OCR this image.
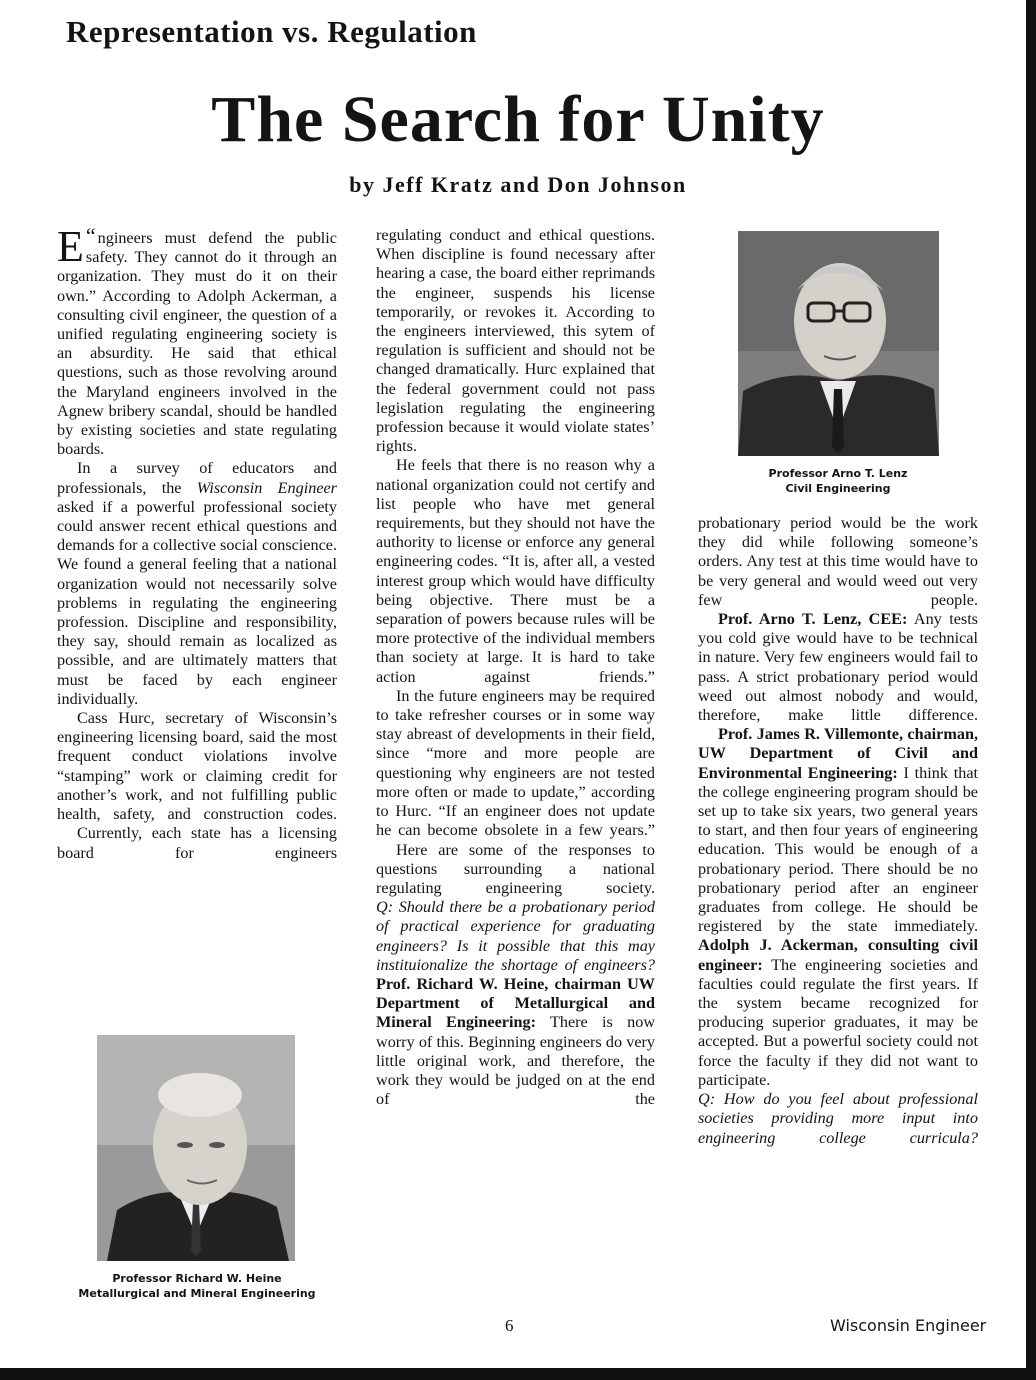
Representation vs. Regulation
The Search for Unity
by Jeff Kratz and Don Johnson

“
E ngineers must defend the public safety. They cannot do it through an organization. They must do it on their own.” According to Adolph Ackerman, a consulting civil engineer, the question of a unified regulating engineering society is an absurdity. He said that ethical questions, such as those revolving around the Maryland engineers involved in the Agnew bribery scandal, should be handled by existing societies and state regulating boards.

In a survey of educators and professionals, the Wisconsin Engineer asked if a powerful professional society could answer recent ethical questions and demands for a collective social conscience. We found a general feeling that a national organization would not necessarily solve problems in regulating the engineering profession. Discipline and responsibility, they say, should remain as localized as possible, and are ultimately matters that must be faced by each engineer individually.

Cass Hurc, secretary of Wisconsin’s engineering licensing board, said the most frequent conduct violations involve “stamping” work or claiming credit for another’s work, and not fulfilling public health, safety, and construction codes.

Currently, each state has a licensing board for engineers

Professor Richard W. Heine
Metallurgical and Mineral Engineering

regulating conduct and ethical questions. When discipline is found necessary after hearing a case, the board either reprimands the engineer, suspends his license temporarily, or revokes it. According to the engineers interviewed, this sytem of regulation is sufficient and should not be changed dramatically. Hurc explained that the federal government could not pass legislation regulating the engineering profession because it would violate states’ rights.

He feels that there is no reason why a national organization could not certify and list people who have met general requirements, but they should not have the authority to license or enforce any general engineering codes. “It is, after all, a vested interest group which would have difficulty being objective. There must be a separation of powers because rules will be more protective of the individual members than society at large. It is hard to take action against friends.”

In the future engineers may be required to take refresher courses or in some way stay abreast of developments in their field, since “more and more people are questioning why engineers are not tested more often or made to update,” according to Hurc. “If an engineer does not update he can become obsolete in a few years.”

Here are some of the responses to questions surrounding a national regulating engineering society.

Q: Should there be a probationary period of practical experience for graduating engineers? Is it possible that this may instituionalize the shortage of engineers?

Prof. Richard W. Heine, chairman UW Department of Metallurgical and Mineral Engineering: There is now worry of this. Beginning engineers do very little original work, and therefore, the work they would be judged on at the end of the

Professor Arno T. Lenz
Civil Engineering

probationary period would be the work they did while following someone’s orders. Any test at this time would have to be very general and would weed out very few people.

Prof. Arno T. Lenz, CEE: Any tests you cold give would have to be technical in nature. Very few engineers would fail to pass. A strict probationary period would weed out almost nobody and would, therefore, make little difference.

Prof. James R. Villemonte, chairman, UW Department of Civil and Environmental Engineering: I think that the college engineering program should be set up to take six years, two general years to start, and then four years of engineering education. This would be enough of a probationary period. There should be no probationary period after an engineer graduates from college. He should be registered by the state immediately.

Adolph J. Ackerman, consulting civil engineer: The engineering societies and faculties could regulate the first years. If the system became recognized for producing superior graduates, it may be accepted. But a powerful society could not force the faculty if they did not want to participate.

Q: How do you feel about professional societies providing more input into engineering college curricula?

6	Wisconsin Engineer
